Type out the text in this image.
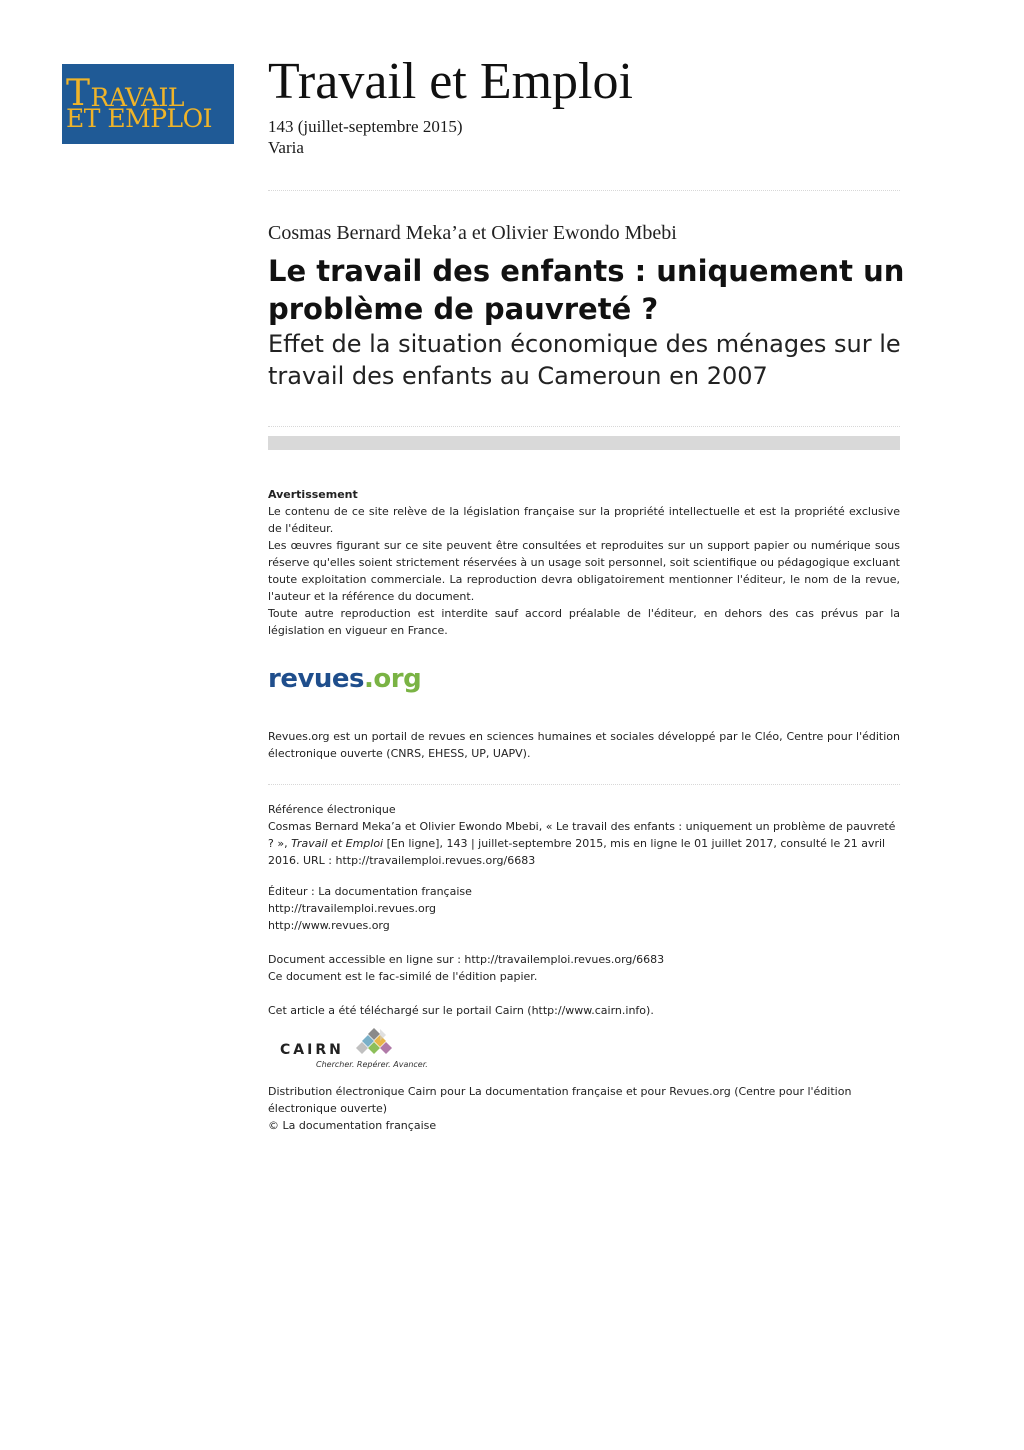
T RAVAIL
ET EMPLOI
Travail et Emploi
143 (juillet-septembre 2015)
Varia
Cosmas Bernard Meka’a et Olivier Ewondo Mbebi
Le travail des enfants : uniquement un problème de pauvreté ?

Effet de la situation économique des ménages sur le travail des enfants au Cameroun en 2007

Avertissement

Le contenu de ce site relève de la législation française sur la propriété intellectuelle et est la propriété exclusive de l'éditeur.

Les œuvres figurant sur ce site peuvent être consultées et reproduites sur un support papier ou numérique sous réserve qu'elles soient strictement réservées à un usage soit personnel, soit scientifique ou pédagogique excluant toute exploitation commerciale. La reproduction devra obligatoirement mentionner l'éditeur, le nom de la revue, l'auteur et la référence du document.

Toute autre reproduction est interdite sauf accord préalable de l'éditeur, en dehors des cas prévus par la législation en vigueur en France.

revues.org
Revues.org est un portail de revues en sciences humaines et sociales développé par le Cléo, Centre pour l'édition électronique ouverte (CNRS, EHESS, UP, UAPV).

Référence électronique

Cosmas Bernard Meka’a et Olivier Ewondo Mbebi, « Le travail des enfants : uniquement un problème de pauvreté ? », Travail et Emploi [En ligne], 143 | juillet-septembre 2015, mis en ligne le 01 juillet 2017, consulté le 21 avril 2016. URL : http://travailemploi.revues.org/6683

Éditeur : La documentation française

http://travailemploi.revues.org

http://www.revues.org

Document accessible en ligne sur : http://travailemploi.revues.org/6683

Ce document est le fac-similé de l'édition papier.

Cet article a été téléchargé sur le portail Cairn (http://www.cairn.info).

CAIRN
Chercher. Repérer. Avancer.

Distribution électronique Cairn pour La documentation française et pour Revues.org (Centre pour l'édition électronique ouverte)

© La documentation française
